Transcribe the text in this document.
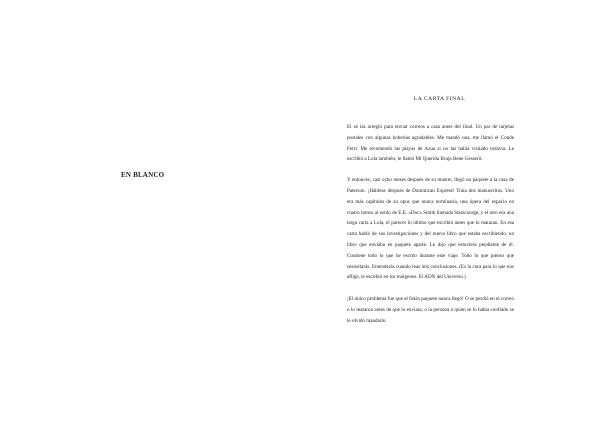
EN BLANCO
LA CARTA FINAL

El se las arregló para enviar correos a casa antes del final. Un par de tarjetas postales con algunas boberías agradables. Me mandó una, me llamó el Conde Ferrr. Me recomendó las playas de Azua si no las había visitado todavía. Le escribió a Lola también; le llamó Mi Querida Bruja Bene Gesserit.

Y entonces, casi ocho meses después de su muerte, llegó un paquete a la casa de Paterson. ¡Hablese después de Dominican Express! Traía dos manuscritos. Uno era más capítulos de su opus que nunca terminaría, una ópera del espacio en cuatro tomos al estilo de E.E. «Doc» Smith llamada Starscourge, y el otro era una larga carta a Lola, el parecer lo último que escribió antes que lo mataran. En esa carta habló de sus investigaciones y del nuevo libro que estaba escribiendo, un libro que enviaba en paquete aparte. Le dijo que estuviera pendiente de él. Contiene todo lo que he escrito durante este viaje. Todo lo que pienso que necesitarás. Entenderás cuando leas mis conclusiones. (Es la cura para lo que nos aflige, le escribió en los márgenes. El ADN del Universo.)

¡El único problema fue que el fokin paquete nunca llegó! O se perdió en el correo o lo mataron antes de que lo enviara, o la persona a quien se lo había confiado se le olvidó mandarlo.
